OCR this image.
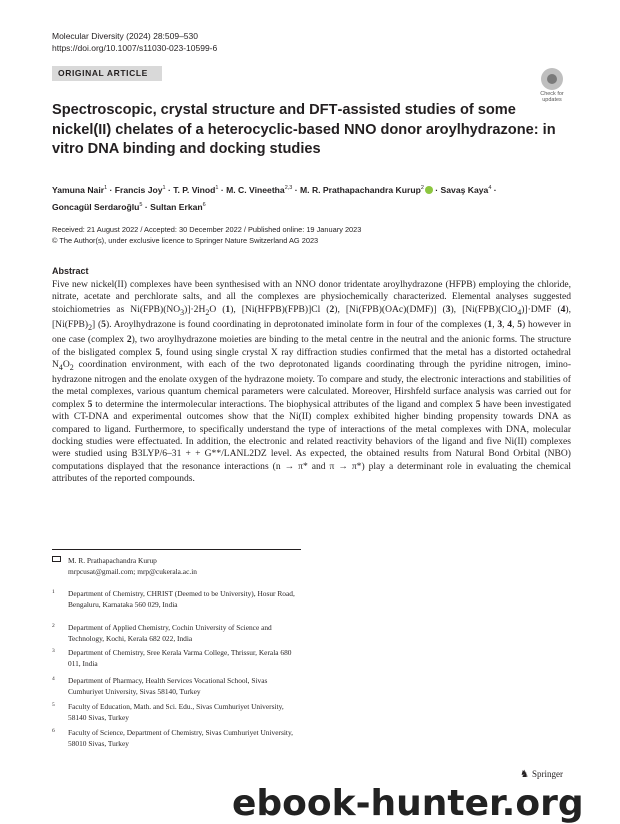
Molecular Diversity (2024) 28:509–530
https://doi.org/10.1007/s11030-023-10599-6
ORIGINAL ARTICLE
Check for
updates
Spectroscopic, crystal structure and DFT‑assisted studies of some nickel(II) chelates of a heterocyclic‑based NNO donor aroylhydrazone: in vitro DNA binding and docking studies
Yamuna Nair$^1$ · Francis Joy$^1$ · T. P. Vinod$^1$ · M. C. Vineetha$^{2,3}$ · M. R. Prathapachandra Kurup$^2$ · Savaş Kaya$^4$ ·
Goncagül Serdaroğlu$^5$ · Sultan Erkan$^6$
Received: 21 August 2022 / Accepted: 30 December 2022 / Published online: 19 January 2023
© The Author(s), under exclusive licence to Springer Nature Switzerland AG 2023
Abstract
Five new nickel(II) complexes have been synthesised with an NNO donor tridentate aroylhydrazone (HFPB) employing the chloride, nitrate, acetate and perchlorate salts, and all the complexes are physiochemically characterized. Elemental analyses suggested stoichiometries as $Ni(FPB)(NO_3)]\cdot 2H_2O$ (1), [Ni(HFPB)(FPB)]Cl (2), [Ni(FPB)(OAc)(DMF)] (3), [Ni(FPB)(ClO$_4$)]·DMF (4), $[Ni(FPB)_2]$ (5). Aroylhydrazone is found coordinating in deprotonated iminolate form in four of the complexes (1, 3, 4, 5) however in one case (complex 2), two aroylhydrazone moieties are binding to the metal centre in the neutral and the anionic forms. The structure of the bisligated complex 5, found using single crystal X ray diffraction studies confirmed that the metal has a distorted octahedral $N_4O_2$ coordination environment, with each of the two deprotonated ligands coordinating through the pyridine nitrogen, imino-hydrazone nitrogen and the enolate oxygen of the hydrazone moiety. To compare and study, the electronic interactions and stabilities of the metal complexes, various quantum chemical parameters were calculated. Moreover, Hirshfeld surface analysis was carried out for complex 5 to determine the intermolecular interactions. The biophysical attributes of the ligand and complex 5 have been investigated with CT-DNA and experimental outcomes show that the Ni(II) complex exhibited higher binding propensity towards DNA as compared to ligand. Furthermore, to specifically understand the type of interactions of the metal complexes with DNA, molecular docking studies were effectuated. In addition, the electronic and related reactivity behaviors of the ligand and five Ni(II) complexes were studied using B3LYP/6–31 + + G**/LANL2DZ level. As expected, the obtained results from Natural Bond Orbital (NBO) computations displayed that the resonance interactions (n → π* and π → π*) play a determinant role in evaluating the chemical attributes of the reported compounds.
M. R. Prathapachandra Kurup
mrpcusat@gmail.com; mrp@cukerala.ac.in
1 Department of Chemistry, CHRIST (Deemed to be University), Hosur Road, Bengaluru, Karnataka 560 029, India
2 Department of Applied Chemistry, Cochin University of Science and Technology, Kochi, Kerala 682 022, India
3 Department of Chemistry, Sree Kerala Varma College, Thrissur, Kerala 680 011, India
4 Department of Pharmacy, Health Services Vocational School, Sivas Cumhuriyet University, Sivas 58140, Turkey
5 Faculty of Education, Math. and Sci. Edu., Sivas Cumhuriyet University, 58140 Sivas, Turkey
6 Faculty of Science, Department of Chemistry, Sivas Cumhuriyet University, 58010 Sivas, Turkey
♞ Springer
ebook-hunter.org
